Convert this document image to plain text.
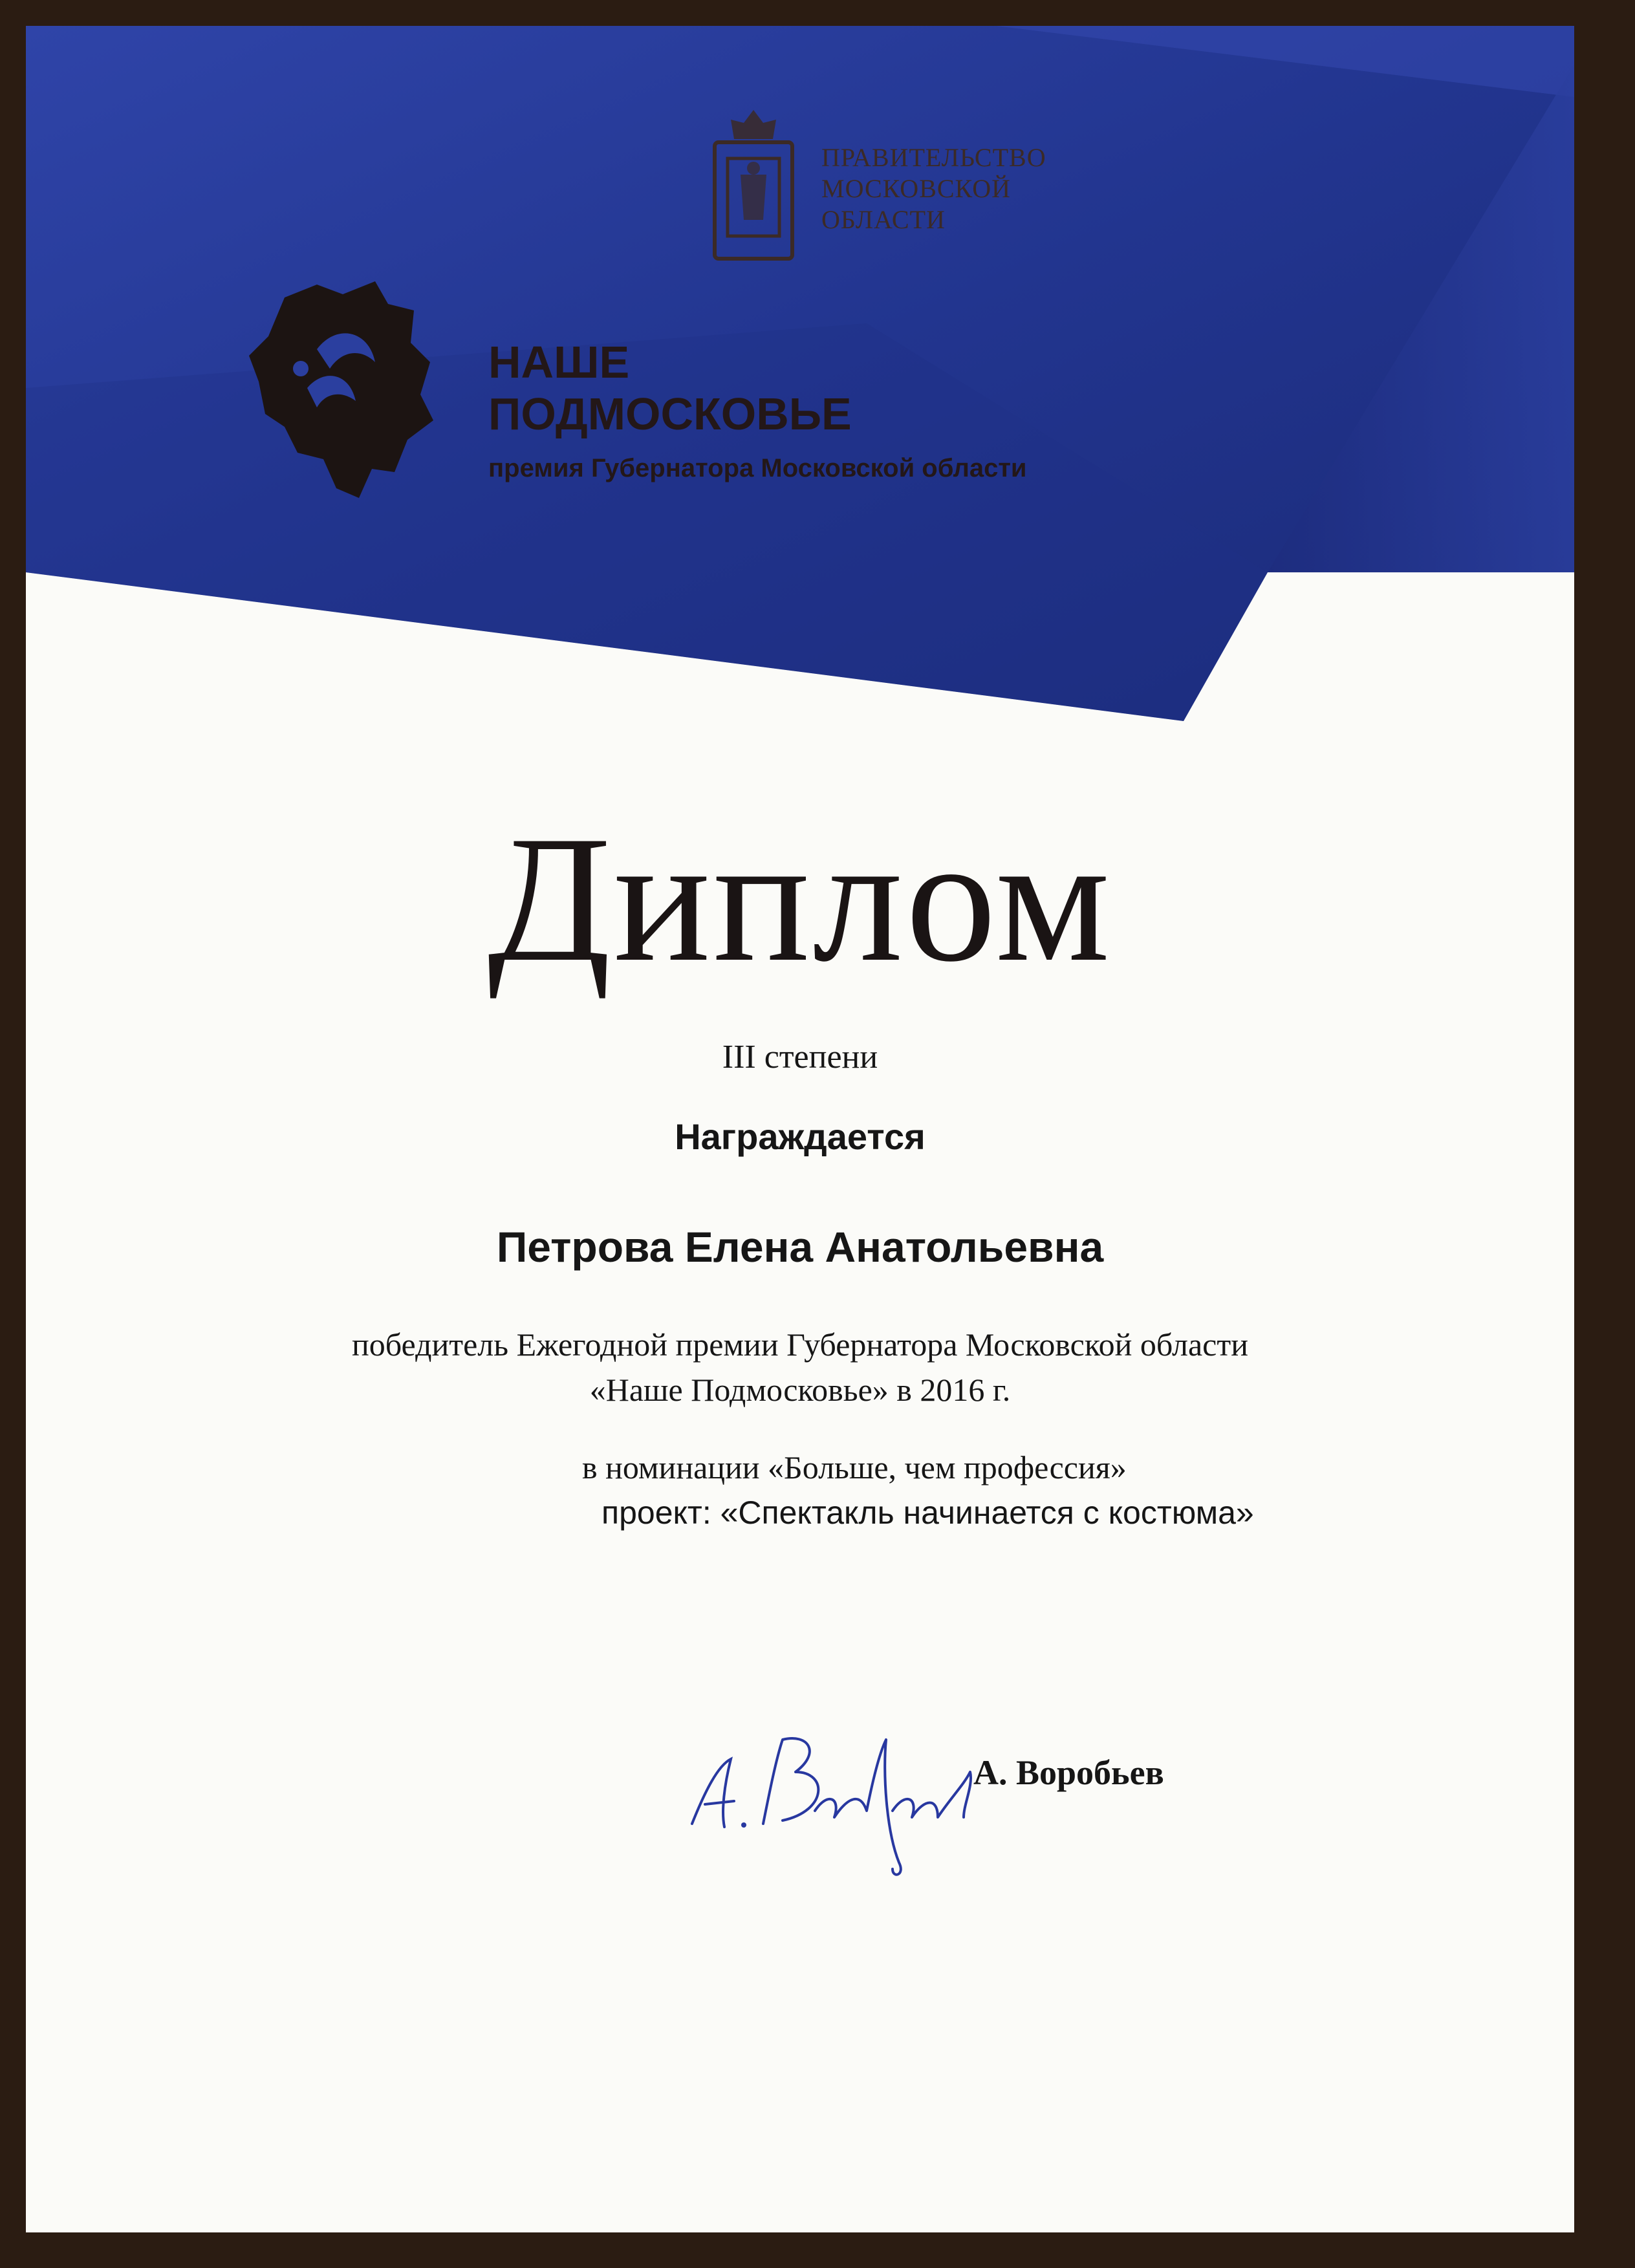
ПРАВИТЕЛЬСТВО
МОСКОВСКОЙ
ОБЛАСТИ
НАШЕ
ПОДМОСКОВЬЕ
премия Губернатора Московской области
Диплом
III степени
Награждается
Петрова Елена Анатольевна
победитель Ежегодной премии Губернатора Московской области
«Наше Подмосковье» в 2016 г.
в номинации «Больше, чем профессия»
проект: «Спектакль начинается с костюма»
А. Воробьев
